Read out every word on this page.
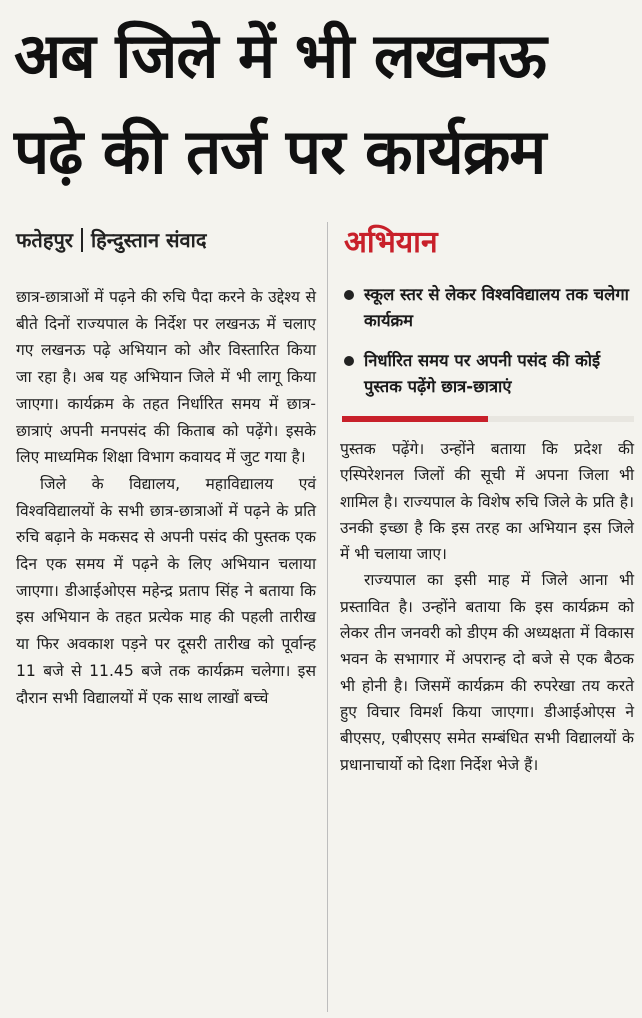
अब जिले में भी लखनऊ
पढ़े की तर्ज पर कार्यक्रम
फतेहपुर हिन्दुस्तान संवाद

छात्र-छात्राओं में पढ़ने की रुचि पैदा करने के उद्देश्य से बीते दिनों राज्यपाल के निर्देश पर लखनऊ में चलाए गए लखनऊ पढ़े अभियान को और विस्तारित किया जा रहा है। अब यह अभियान जिले में भी लागू किया जाएगा। कार्यक्रम के तहत निर्धारित समय में छात्र-छात्राएं अपनी मनपसंद की किताब को पढ़ेंगे। इसके लिए माध्यमिक शिक्षा विभाग कवायद में जुट गया है।

जिले के विद्यालय, महाविद्यालय एवं विश्वविद्यालयों के सभी छात्र-छात्राओं में पढ़ने के प्रति रुचि बढ़ाने के मकसद से अपनी पसंद की पुस्तक एक दिन एक समय में पढ़ने के लिए अभियान चलाया जाएगा। डीआईओएस महेन्द्र प्रताप सिंह ने बताया कि इस अभियान के तहत प्रत्येक माह की पहली तारीख या फिर अवकाश पड़ने पर दूसरी तारीख को पूर्वान्ह 11 बजे से 11.45 बजे तक कार्यक्रम चलेगा। इस दौरान सभी विद्यालयों में एक साथ लाखों बच्चे

अभियान
स्कूल स्तर से लेकर विश्वविद्यालय तक चलेगा कार्यक्रम
निर्धारित समय पर अपनी पसंद की कोई पुस्तक पढ़ेंगे छात्र-छात्राएं

पुस्तक पढ़ेंगे। उन्होंने बताया कि प्रदेश की एस्पिरेशनल जिलों की सूची में अपना जिला भी शामिल है। राज्यपाल के विशेष रुचि जिले के प्रति है। उनकी इच्छा है कि इस तरह का अभियान इस जिले में भी चलाया जाए।

राज्यपाल का इसी माह में जिले आना भी प्रस्तावित है। उन्होंने बताया कि इस कार्यक्रम को लेकर तीन जनवरी को डीएम की अध्यक्षता में विकास भवन के सभागार में अपरान्ह दो बजे से एक बैठक भी होनी है। जिसमें कार्यक्रम की रुपरेखा तय करते हुए विचार विमर्श किया जाएगा। डीआईओएस ने बीएसए, एबीएसए समेत सम्बंधित सभी विद्यालयों के प्रधानाचार्यो को दिशा निर्देश भेजे हैं।
